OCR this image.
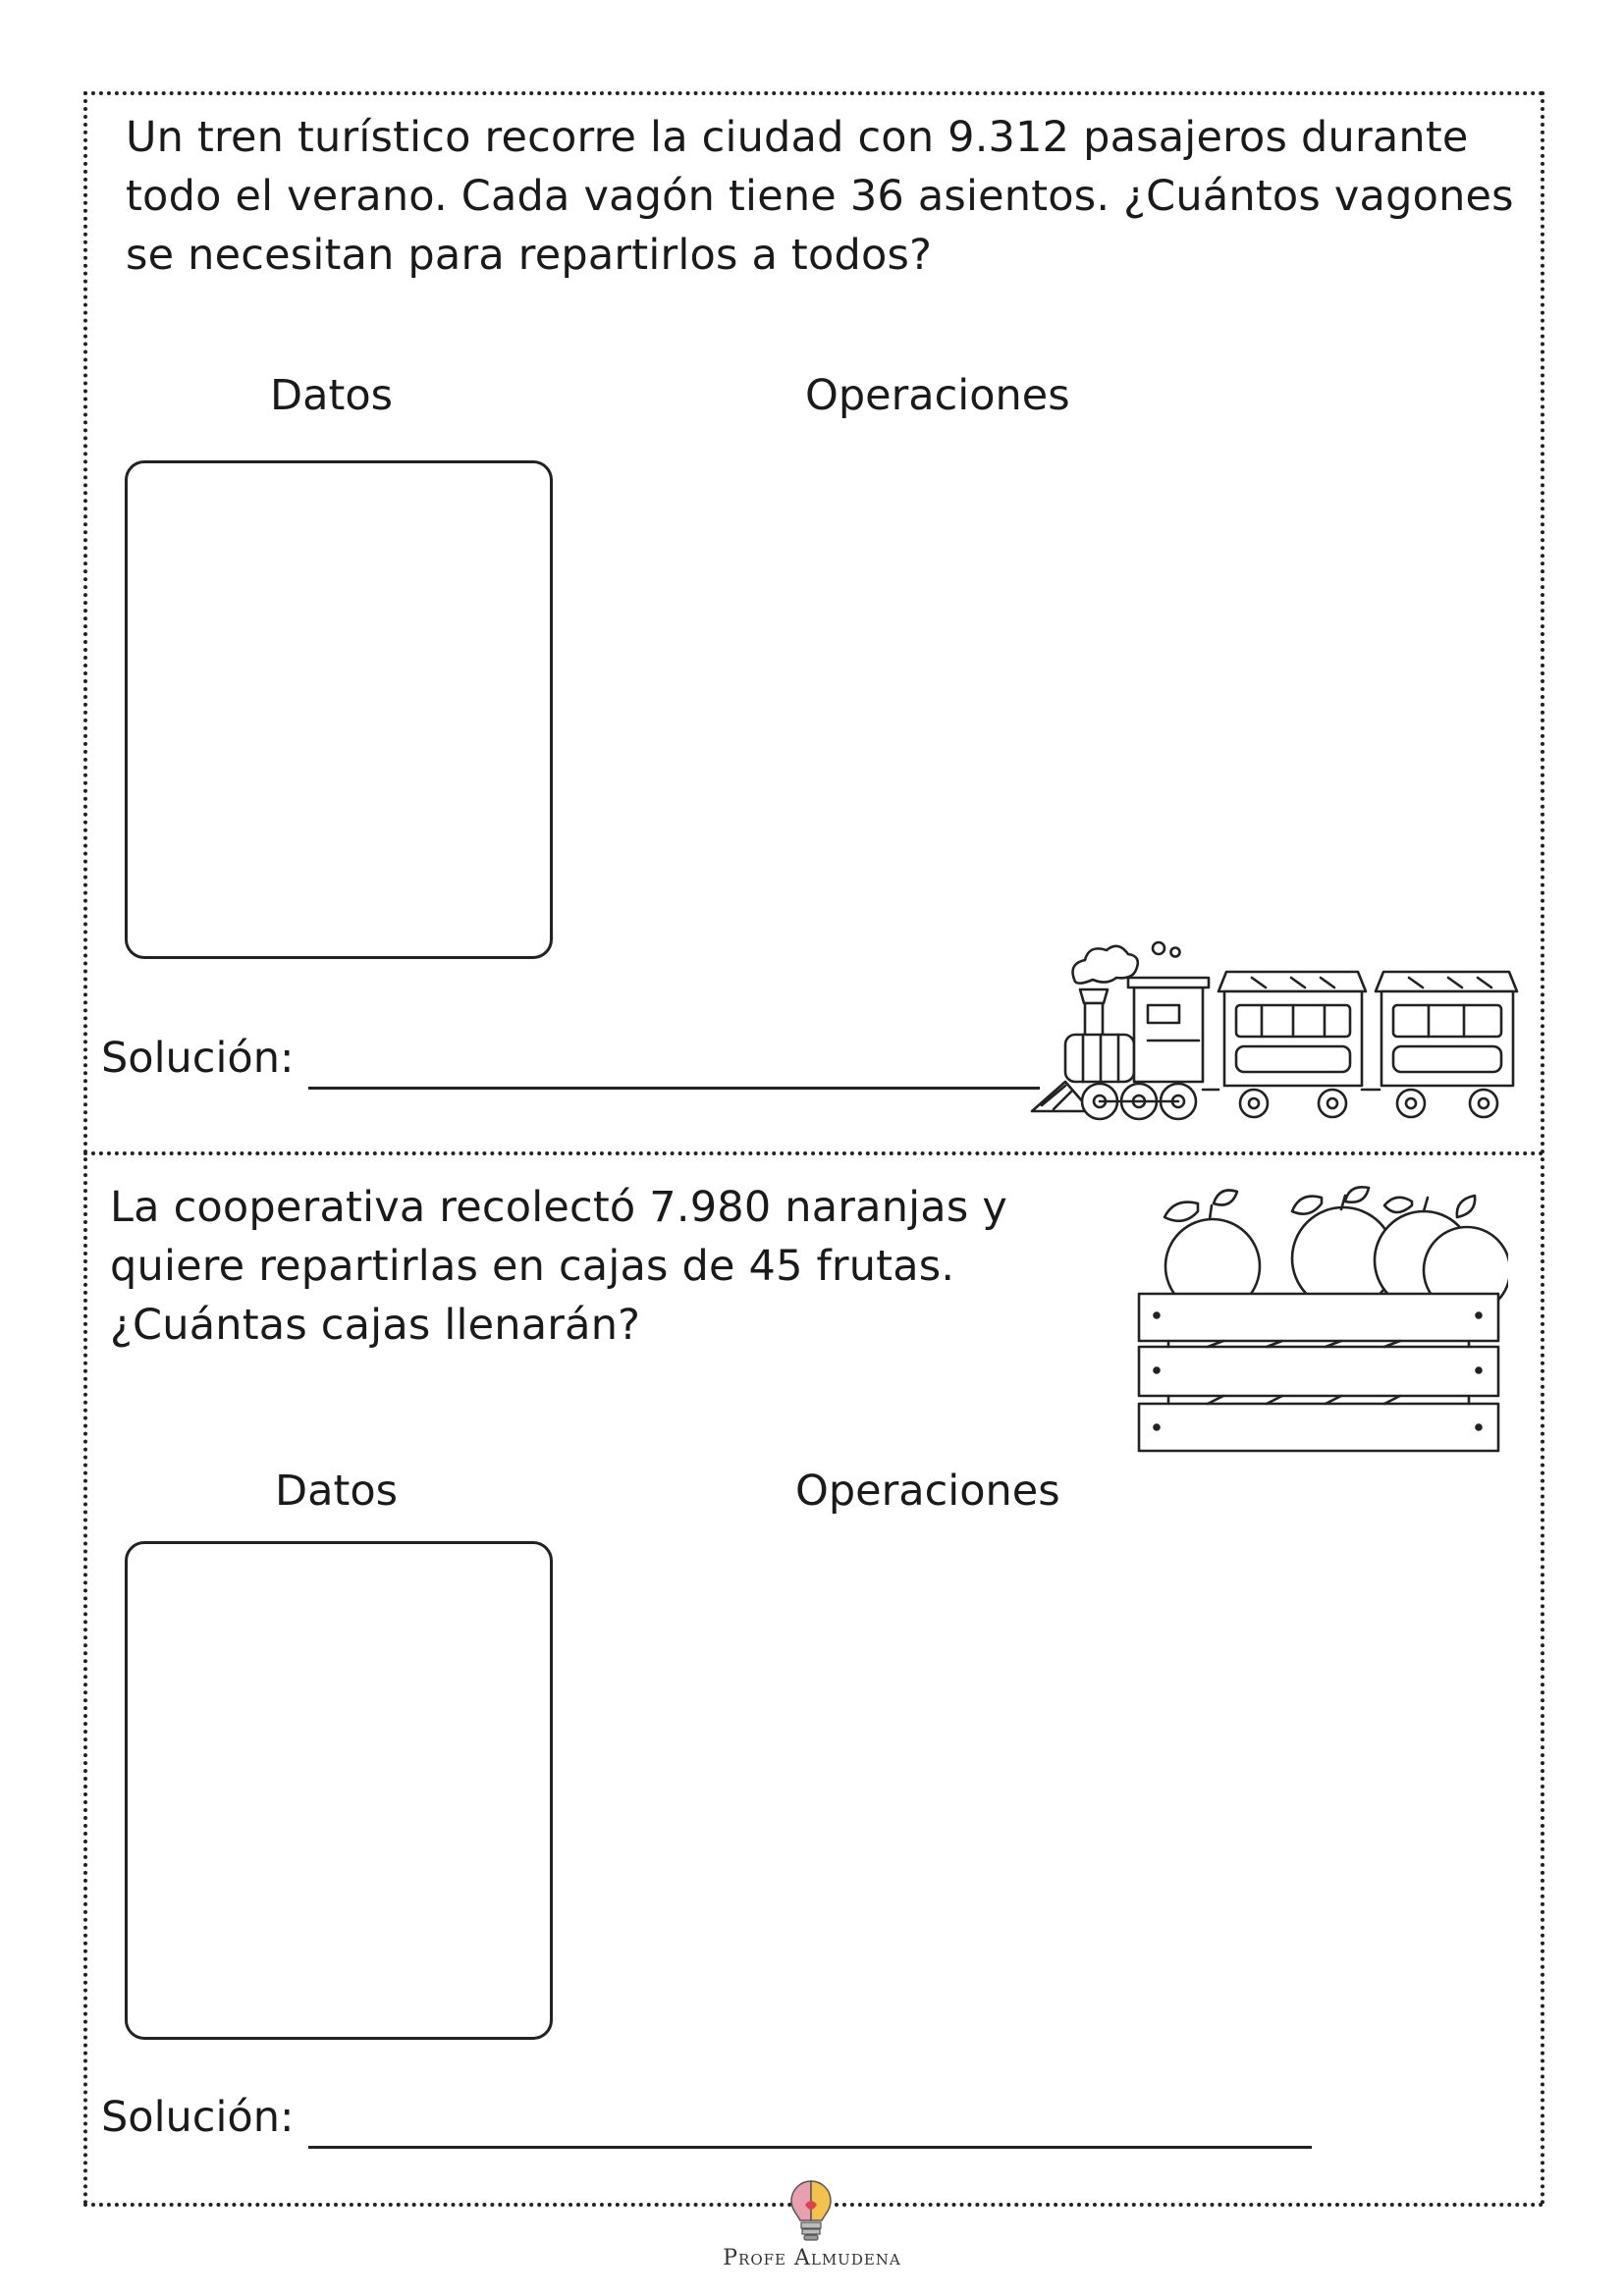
Un tren turístico recorre la ciudad con 9.312 pasajeros durante todo el verano. Cada vagón tiene 36 asientos. ¿Cuántos vagones se necesitan para repartirlos a todos?

Datos	Operaciones
Solución:

La cooperativa recolectó 7.980 naranjas y quiere repartirlas en cajas de 45 frutas. ¿Cuántas cajas llenarán?

Datos	Operaciones
Solución:
Profe Almudena
